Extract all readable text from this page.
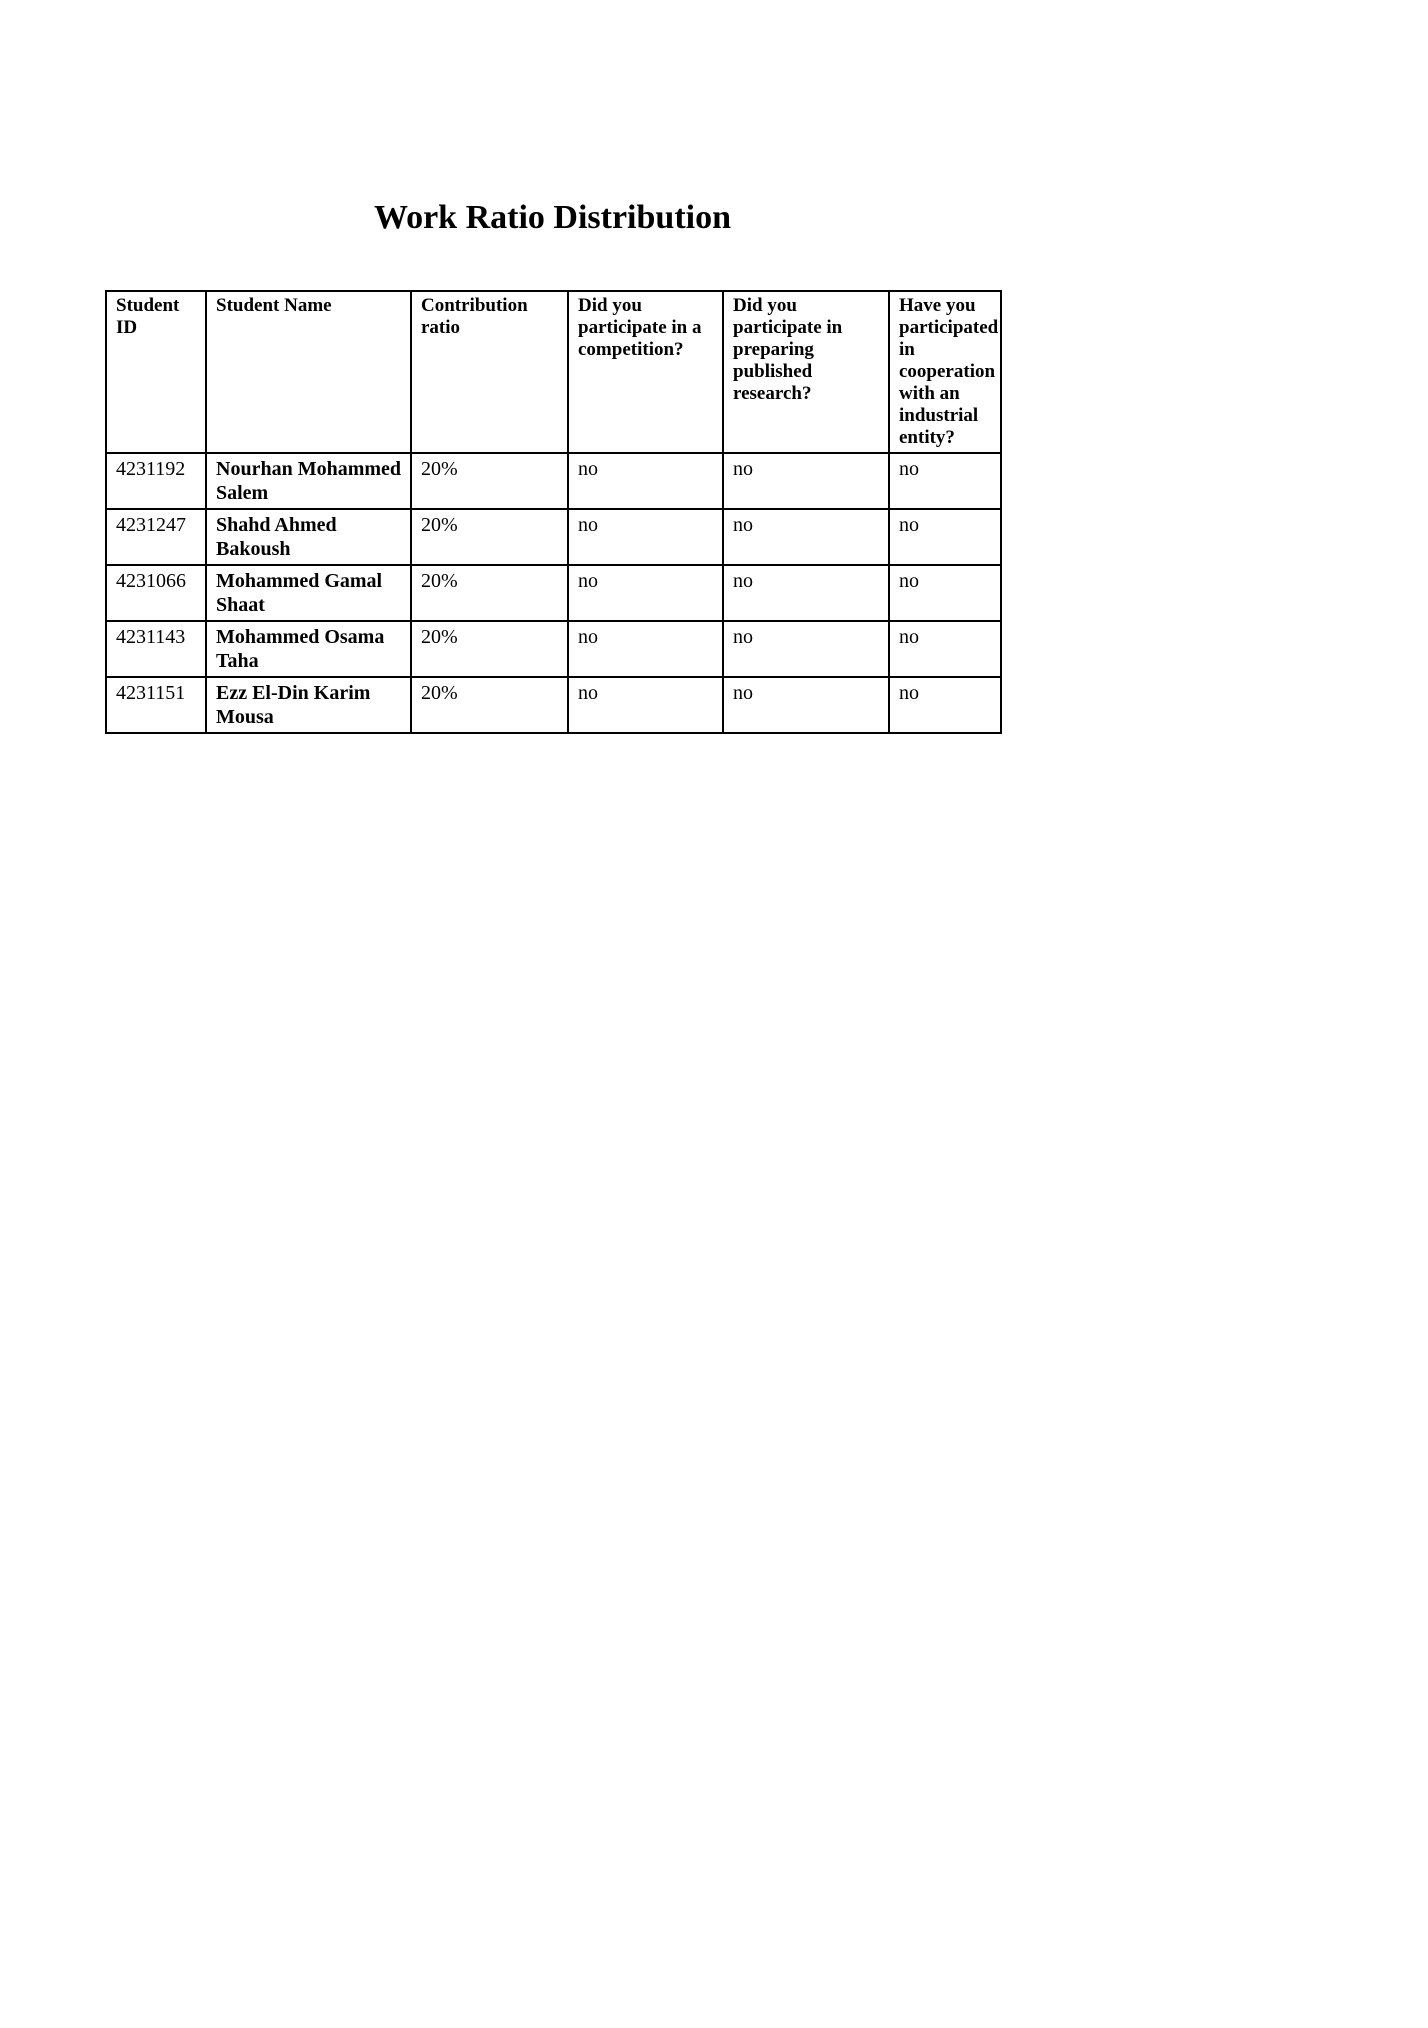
Work Ratio Distribution
Student ID	Student Name	Contribution ratio	Did you participate in a competition?	Did you participate in preparing published research?	Have you participated in cooperation with an industrial entity?
4231192	Nourhan Mohammed Salem	20%	no	no	no
4231247	Shahd Ahmed Bakoush	20%	no	no	no
4231066	Mohammed Gamal Shaat	20%	no	no	no
4231143	Mohammed Osama Taha	20%	no	no	no
4231151	Ezz El-Din Karim Mousa	20%	no	no	no
